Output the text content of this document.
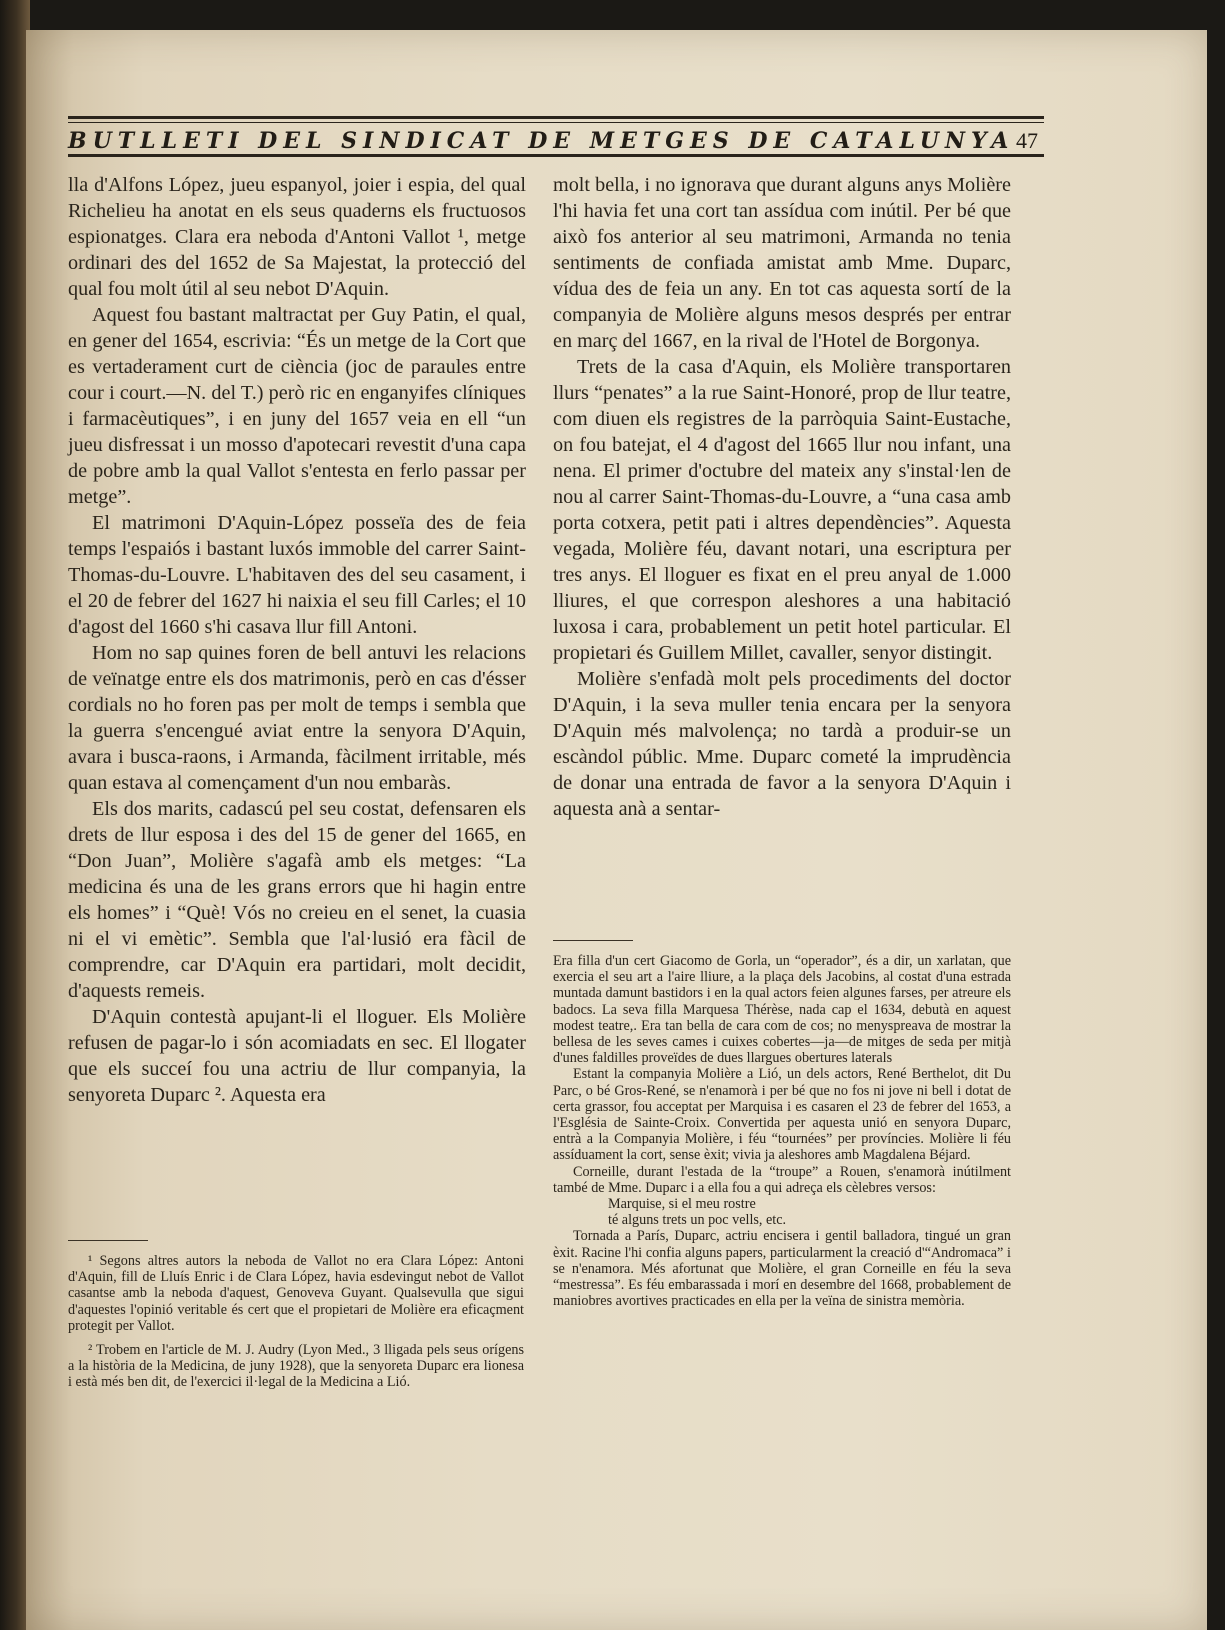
BUTLLETI DEL SINDICAT DE METGES DE CATALUNYA 47

lla d'Alfons López, jueu espanyol, joier i espia, del qual Richelieu ha anotat en els seus quaderns els fructuosos espionatges. Clara era neboda d'Antoni Vallot ¹, metge ordinari des del 1652 de Sa Majestat, la protecció del qual fou molt útil al seu nebot D'Aquin.

Aquest fou bastant maltractat per Guy Patin, el qual, en gener del 1654, escrivia: “És un metge de la Cort que es vertaderament curt de ciència (joc de paraules entre cour i court.—N. del T.) però ric en enganyifes clíniques i farmacèutiques”, i en juny del 1657 veia en ell “un jueu disfressat i un mosso d'apotecari revestit d'una capa de pobre amb la qual Vallot s'entesta en ferlo passar per metge”.

El matrimoni D'Aquin-López posseïa des de feia temps l'espaiós i bastant luxós immoble del carrer Saint-Thomas-du-Louvre. L'habitaven des del seu casament, i el 20 de febrer del 1627 hi naixia el seu fill Carles; el 10 d'agost del 1660 s'hi casava llur fill Antoni.

Hom no sap quines foren de bell antuvi les relacions de veïnatge entre els dos matrimonis, però en cas d'ésser cordials no ho foren pas per molt de temps i sembla que la guerra s'encengué aviat entre la senyora D'Aquin, avara i busca-raons, i Armanda, fàcilment irritable, més quan estava al començament d'un nou embaràs.

Els dos marits, cadascú pel seu costat, defensaren els drets de llur esposa i des del 15 de gener del 1665, en “Don Juan”, Molière s'agafà amb els metges: “La medicina és una de les grans errors que hi hagin entre els homes” i “Què! Vós no creieu en el senet, la cuasia ni el vi emètic”. Sembla que l'al·lusió era fàcil de comprendre, car D'Aquin era partidari, molt decidit, d'aquests remeis.

D'Aquin contestà apujant-li el lloguer. Els Molière refusen de pagar-lo i són acomiadats en sec. El llogater que els succeí fou una actriu de llur companyia, la senyoreta Duparc ². Aquesta era

molt bella, i no ignorava que durant alguns anys Molière l'hi havia fet una cort tan assídua com inútil. Per bé que això fos anterior al seu matrimoni, Armanda no tenia sentiments de confiada amistat amb Mme. Duparc, vídua des de feia un any. En tot cas aquesta sortí de la companyia de Molière alguns mesos després per entrar en març del 1667, en la rival de l'Hotel de Borgonya.

Trets de la casa d'Aquin, els Molière transportaren llurs “penates” a la rue Saint-Honoré, prop de llur teatre, com diuen els registres de la parròquia Saint-Eustache, on fou batejat, el 4 d'agost del 1665 llur nou infant, una nena. El primer d'octubre del mateix any s'instal·len de nou al carrer Saint-Thomas-du-Louvre, a “una casa amb porta cotxera, petit pati i altres dependències”. Aquesta vegada, Molière féu, davant notari, una escriptura per tres anys. El lloguer es fixat en el preu anyal de 1.000 lliures, el que correspon aleshores a una habitació luxosa i cara, probablement un petit hotel particular. El propietari és Guillem Millet, cavaller, senyor distingit.

Molière s'enfadà molt pels procediments del doctor D'Aquin, i la seva muller tenia encara per la senyora D'Aquin més malvolença; no tardà a produir-se un escàndol públic. Mme. Duparc cometé la imprudència de donar una entrada de favor a la senyora D'Aquin i aquesta anà a sentar-

¹ Segons altres autors la neboda de Vallot no era Clara López: Antoni d'Aquin, fill de Lluís Enric i de Clara López, havia esdevingut nebot de Vallot casantse amb la neboda d'aquest, Genoveva Guyant. Qualsevulla que sigui d'aquestes l'opinió veritable és cert que el propietari de Molière era eficaçment protegit per Vallot.

² Trobem en l'article de M. J. Audry (Lyon Med., 3 lligada pels seus orígens a la història de la Medicina, de juny 1928), que la senyoreta Duparc era lionesa i està més ben dit, de l'exercici il·legal de la Medicina a Lió.

Era filla d'un cert Giacomo de Gorla, un “operador”, és a dir, un xarlatan, que exercia el seu art a l'aire lliure, a la plaça dels Jacobins, al costat d'una estrada muntada damunt bastidors i en la qual actors feien algunes farses, per atreure els badocs. La seva filla Marquesa Thérèse, nada cap el 1634, debutà en aquest modest teatre,. Era tan bella de cara com de cos; no menyspreava de mostrar la bellesa de les seves cames i cuixes cobertes—ja—de mitges de seda per mitjà d'unes faldilles proveïdes de dues llargues obertures laterals

Estant la companyia Molière a Lió, un dels actors, René Berthelot, dit Du Parc, o bé Gros-René, se n'enamorà i per bé que no fos ni jove ni bell i dotat de certa grassor, fou acceptat per Marquisa i es casaren el 23 de febrer del 1653, a l'Església de Sainte-Croix. Convertida per aquesta unió en senyora Duparc, entrà a la Companyia Molière, i féu “tournées” per províncies. Molière li féu assíduament la cort, sense èxit; vivia ja aleshores amb Magdalena Béjard.

Corneille, durant l'estada de la “troupe” a Rouen, s'enamorà inútilment també de Mme. Duparc i a ella fou a qui adreça els cèlebres versos:

Marquise, si el meu rostre

té alguns trets un poc vells, etc.

Tornada a París, Duparc, actriu encisera i gentil balladora, tingué un gran èxit. Racine l'hi confia alguns papers, particularment la creació d'“Andromaca” i se n'enamora. Més afortunat que Molière, el gran Corneille en féu la seva “mestressa”. Es féu embarassada i morí en desembre del 1668, probablement de maniobres avortives practicades en ella per la veïna de sinistra memòria.
